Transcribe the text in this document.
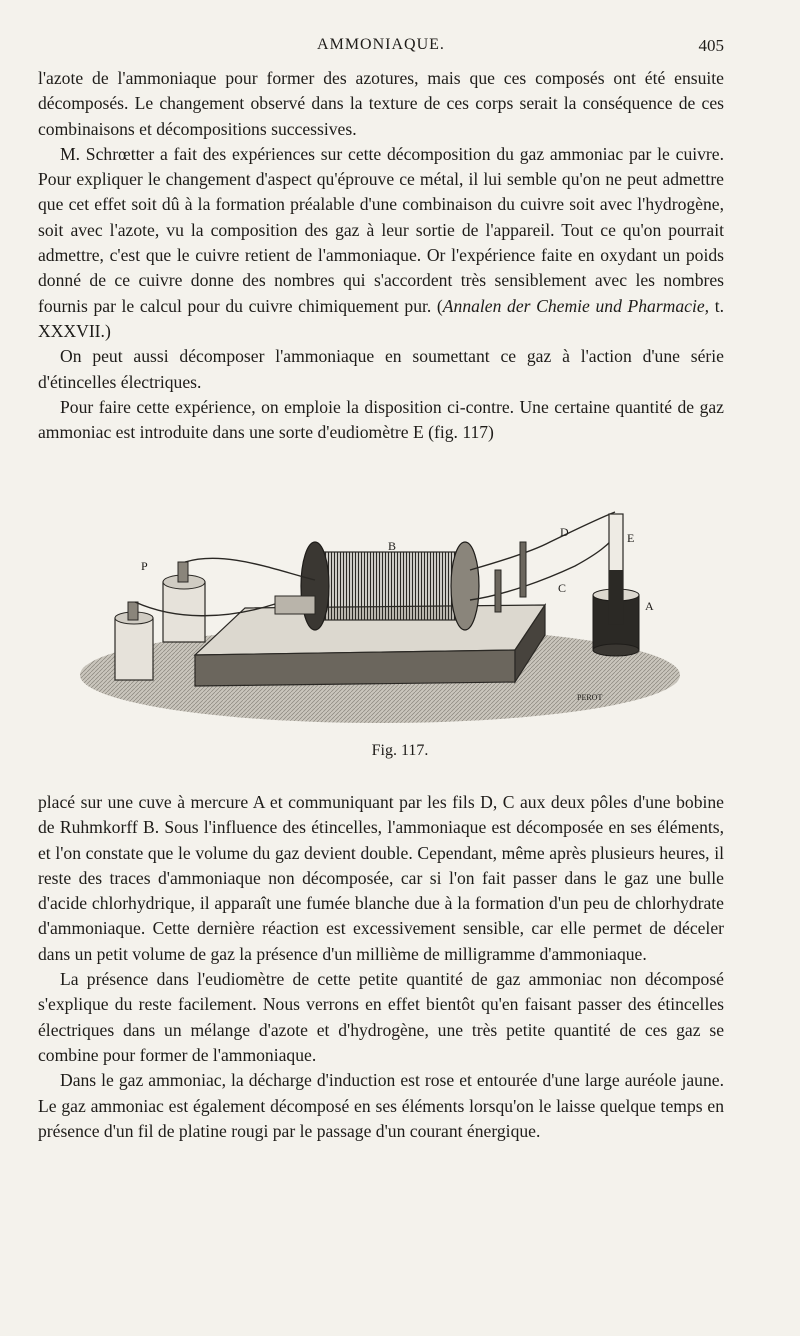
AMMONIAQUE.	405

l'azote de l'ammoniaque pour former des azotures, mais que ces composés ont été ensuite décomposés. Le changement observé dans la texture de ces corps serait la conséquence de ces combinaisons et décompositions successives.

M. Schrœtter a fait des expériences sur cette décomposition du gaz ammoniac par le cuivre. Pour expliquer le changement d'aspect qu'éprouve ce métal, il lui semble qu'on ne peut admettre que cet effet soit dû à la formation préalable d'une combinaison du cuivre soit avec l'hydrogène, soit avec l'azote, vu la composition des gaz à leur sortie de l'appareil. Tout ce qu'on pourrait admettre, c'est que le cuivre retient de l'ammoniaque. Or l'expérience faite en oxydant un poids donné de ce cuivre donne des nombres qui s'accordent très sensiblement avec les nombres fournis par le calcul pour du cuivre chimiquement pur. (Annalen der Chemie und Pharmacie, t. XXXVII.)

On peut aussi décomposer l'ammoniaque en soumettant ce gaz à l'action d'une série d'étincelles électriques.

Pour faire cette expérience, on emploie la disposition ci-contre. Une certaine quantité de gaz ammoniac est introduite dans une sorte d'eudiomètre E (fig. 117)

P
B
D
C
E
A
PEROT
Fig. 117.

placé sur une cuve à mercure A et communiquant par les fils D, C aux deux pôles d'une bobine de Ruhmkorff B. Sous l'influence des étincelles, l'ammoniaque est décomposée en ses éléments, et l'on constate que le volume du gaz devient double. Cependant, même après plusieurs heures, il reste des traces d'ammoniaque non décomposée, car si l'on fait passer dans le gaz une bulle d'acide chlorhydrique, il apparaît une fumée blanche due à la formation d'un peu de chlorhydrate d'ammoniaque. Cette dernière réaction est excessivement sensible, car elle permet de déceler dans un petit volume de gaz la présence d'un millième de milligramme d'ammoniaque.

La présence dans l'eudiomètre de cette petite quantité de gaz ammoniac non décomposé s'explique du reste facilement. Nous verrons en effet bientôt qu'en faisant passer des étincelles électriques dans un mélange d'azote et d'hydrogène, une très petite quantité de ces gaz se combine pour former de l'ammoniaque.

Dans le gaz ammoniac, la décharge d'induction est rose et entourée d'une large auréole jaune. Le gaz ammoniac est également décomposé en ses éléments lorsqu'on le laisse quelque temps en présence d'un fil de platine rougi par le passage d'un courant énergique.
